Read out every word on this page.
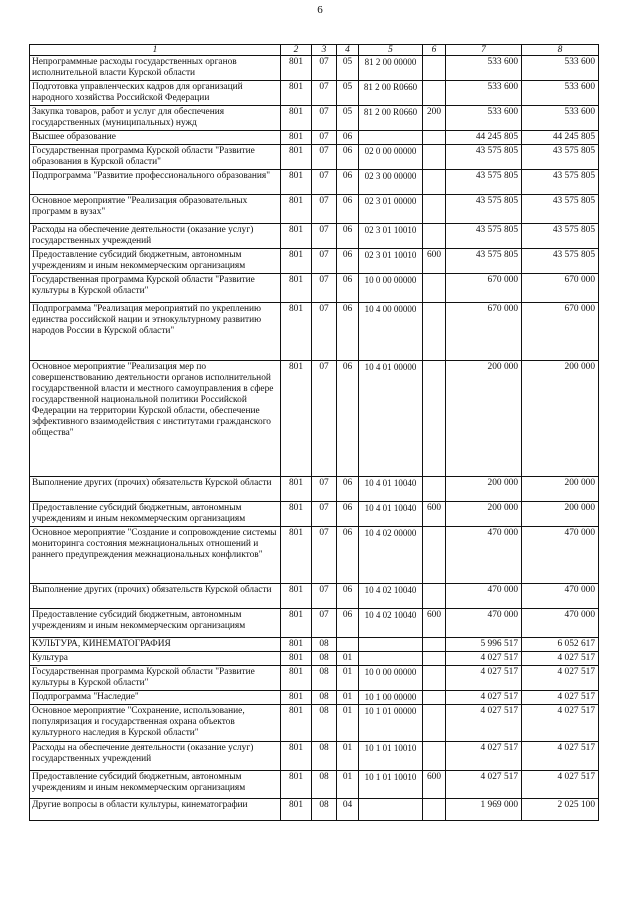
6
1	2	3	4	5	6	7	8
Непрограммные расходы государственных органов исполнительной власти Курской области	801	07	05	81 2 00 00000		533 600	533 600
Подготовка управленческих кадров для организаций народного хозяйства Российской Федерации	801	07	05	81 2 00 R0660		533 600	533 600
Закупка товаров, работ и услуг для обеспечения государственных (муниципальных) нужд	801	07	05	81 2 00 R0660	200	533 600	533 600
Высшее образование	801	07	06			44 245 805	44 245 805
Государственная программа Курской области "Развитие образования в Курской области"	801	07	06	02 0 00 00000		43 575 805	43 575 805
Подпрограмма "Развитие профессионального образования"	801	07	06	02 3 00 00000		43 575 805	43 575 805
Основное мероприятие "Реализация образовательных программ в вузах"	801	07	06	02 3 01 00000		43 575 805	43 575 805
Расходы на обеспечение деятельности (оказание услуг) государственных учреждений	801	07	06	02 3 01 10010		43 575 805	43 575 805
Предоставление субсидий бюджетным, автономным учреждениям и иным некоммерческим организациям	801	07	06	02 3 01 10010	600	43 575 805	43 575 805
Государственная программа Курской области "Развитие культуры в Курской области"	801	07	06	10 0 00 00000		670 000	670 000
Подпрограмма "Реализация мероприятий по укреплению единства российской нации и этнокультурному развитию народов России в Курской области"	801	07	06	10 4 00 00000		670 000	670 000
Основное мероприятие "Реализация мер по совершенствованию деятельности органов исполнительной государственной власти и местного самоуправления в сфере государственной национальной политики Российской Федерации на территории Курской области, обеспечение эффективного взаимодействия с институтами гражданского общества"	801	07	06	10 4 01 00000		200 000	200 000
Выполнение других (прочих) обязательств Курской области	801	07	06	10 4 01 10040		200 000	200 000
Предоставление субсидий бюджетным, автономным учреждениям и иным некоммерческим организациям	801	07	06	10 4 01 10040	600	200 000	200 000
Основное мероприятие "Создание и сопровождение системы мониторинга состояния межнациональных отношений и раннего предупреждения межнациональных конфликтов"	801	07	06	10 4 02 00000		470 000	470 000
Выполнение других (прочих) обязательств Курской области	801	07	06	10 4 02 10040		470 000	470 000
Предоставление субсидий бюджетным, автономным учреждениям и иным некоммерческим организациям	801	07	06	10 4 02 10040	600	470 000	470 000
КУЛЬТУРА, КИНЕМАТОГРАФИЯ	801	08				5 996 517	6 052 617
Культура	801	08	01			4 027 517	4 027 517
Государственная программа Курской области "Развитие культуры в Курской области"	801	08	01	10 0 00 00000		4 027 517	4 027 517
Подпрограмма "Наследие"	801	08	01	10 1 00 00000		4 027 517	4 027 517
Основное мероприятие "Сохранение, использование, популяризация и государственная охрана объектов культурного наследия в Курской области"	801	08	01	10 1 01 00000		4 027 517	4 027 517
Расходы на обеспечение деятельности (оказание услуг) государственных учреждений	801	08	01	10 1 01 10010		4 027 517	4 027 517
Предоставление субсидий бюджетным, автономным учреждениям и иным некоммерческим организациям	801	08	01	10 1 01 10010	600	4 027 517	4 027 517
Другие вопросы в области культуры, кинематографии	801	08	04			1 969 000	2 025 100
